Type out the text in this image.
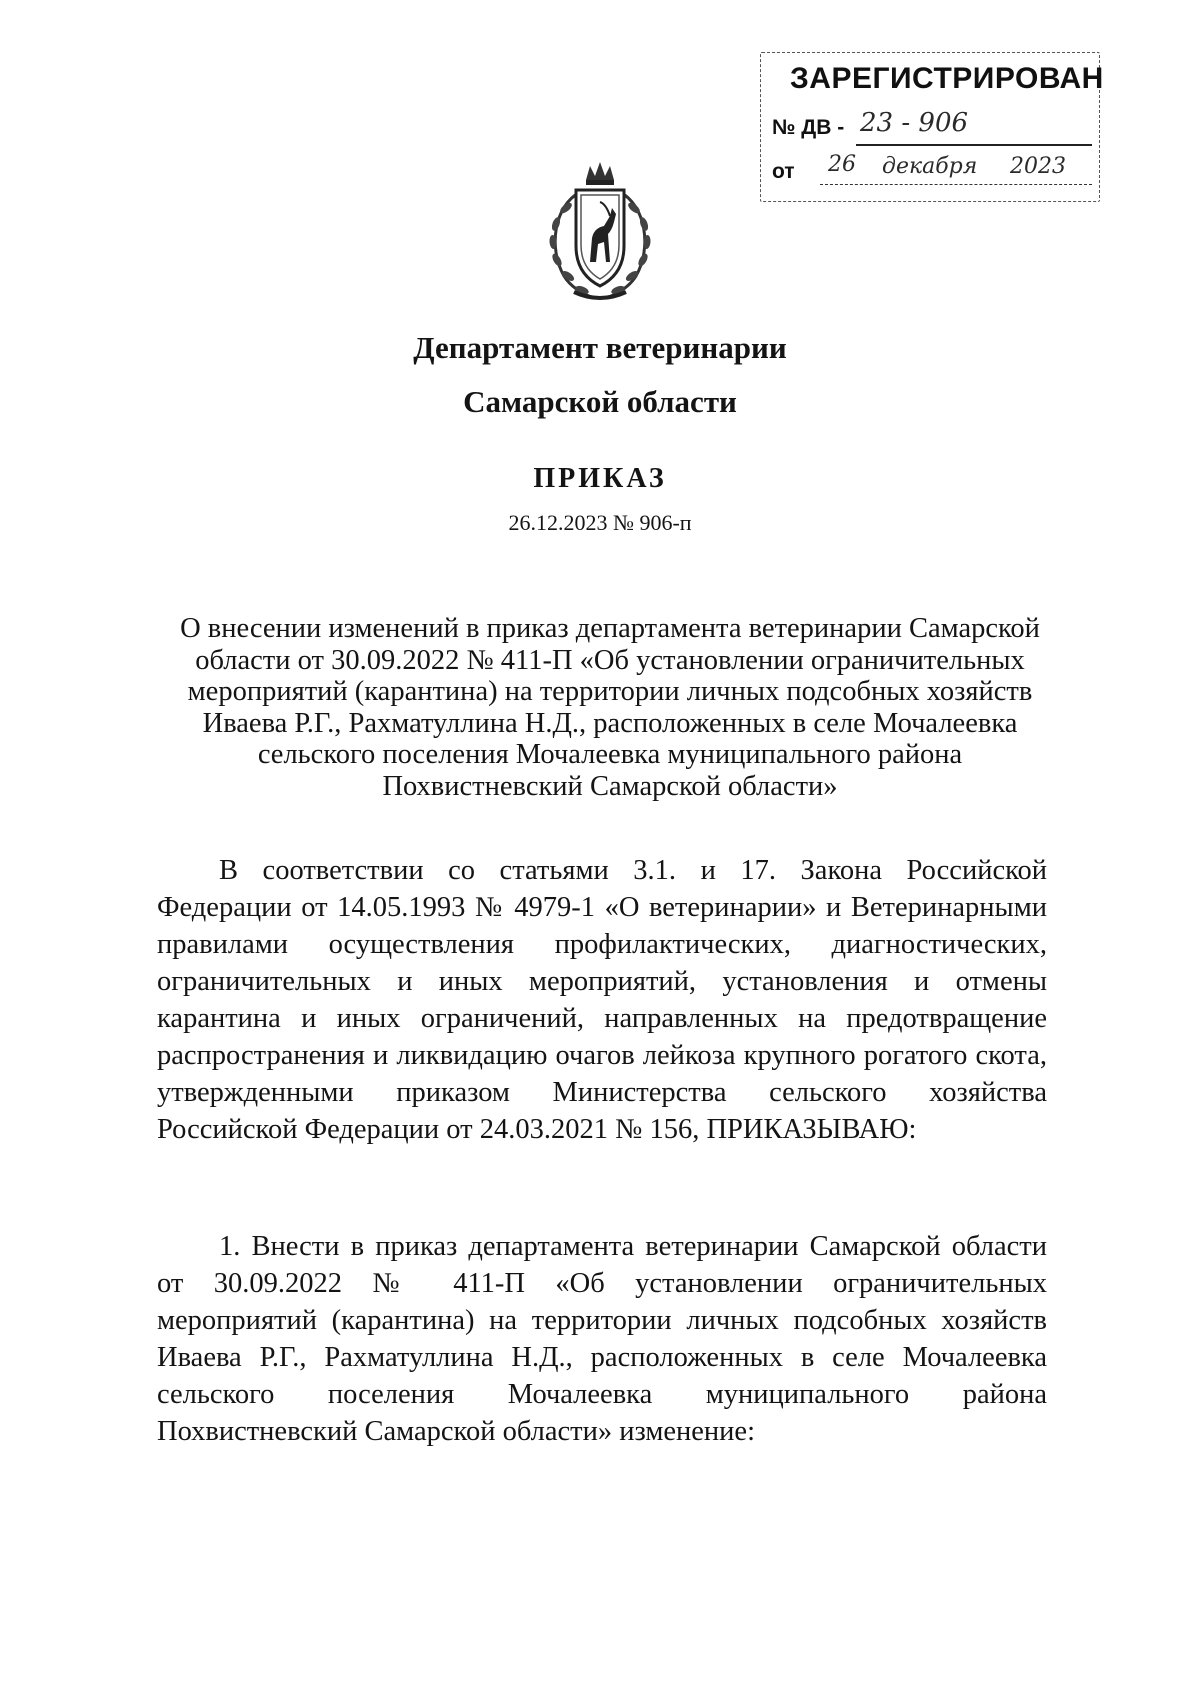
ЗАРЕГИСТРИРОВАН
№ ДВ - 23 - 906
от 26 декабря 2023
Департамент ветеринарии
Самарской области
ПРИКАЗ
26.12.2023 № 906-п
О внесении изменений в приказ департамента ветеринарии Самарской области от 30.09.2022 № 411-П «Об установлении ограничительных мероприятий (карантина) на территории личных подсобных хозяйств Иваева Р.Г., Рахматуллина Н.Д., расположенных в селе Мочалеевка сельского поселения Мочалеевка муниципального района Похвистневский Самарской области»

В соответствии со статьями 3.1. и 17. Закона Российской Федерации от 14.05.1993 № 4979-1 «О ветеринарии» и Ветеринарными правилами осуществления профилактических, диагностических, ограничительных и иных мероприятий, установления и отмены карантина и иных ограничений, направленных на предотвращение распространения и ликвидацию очагов лейкоза крупного рогатого скота, утвержденными приказом Министерства сельского хозяйства Российской Федерации от 24.03.2021 № 156, ПРИКАЗЫВАЮ:

1. Внести в приказ департамента ветеринарии Самарской области от 30.09.2022 № 411-П «Об установлении ограничительных мероприятий (карантина) на территории личных подсобных хозяйств Иваева Р.Г., Рахматуллина Н.Д., расположенных в селе Мочалеевка сельского поселения Мочалеевка муниципального района Похвистневский Самарской области» изменение:
